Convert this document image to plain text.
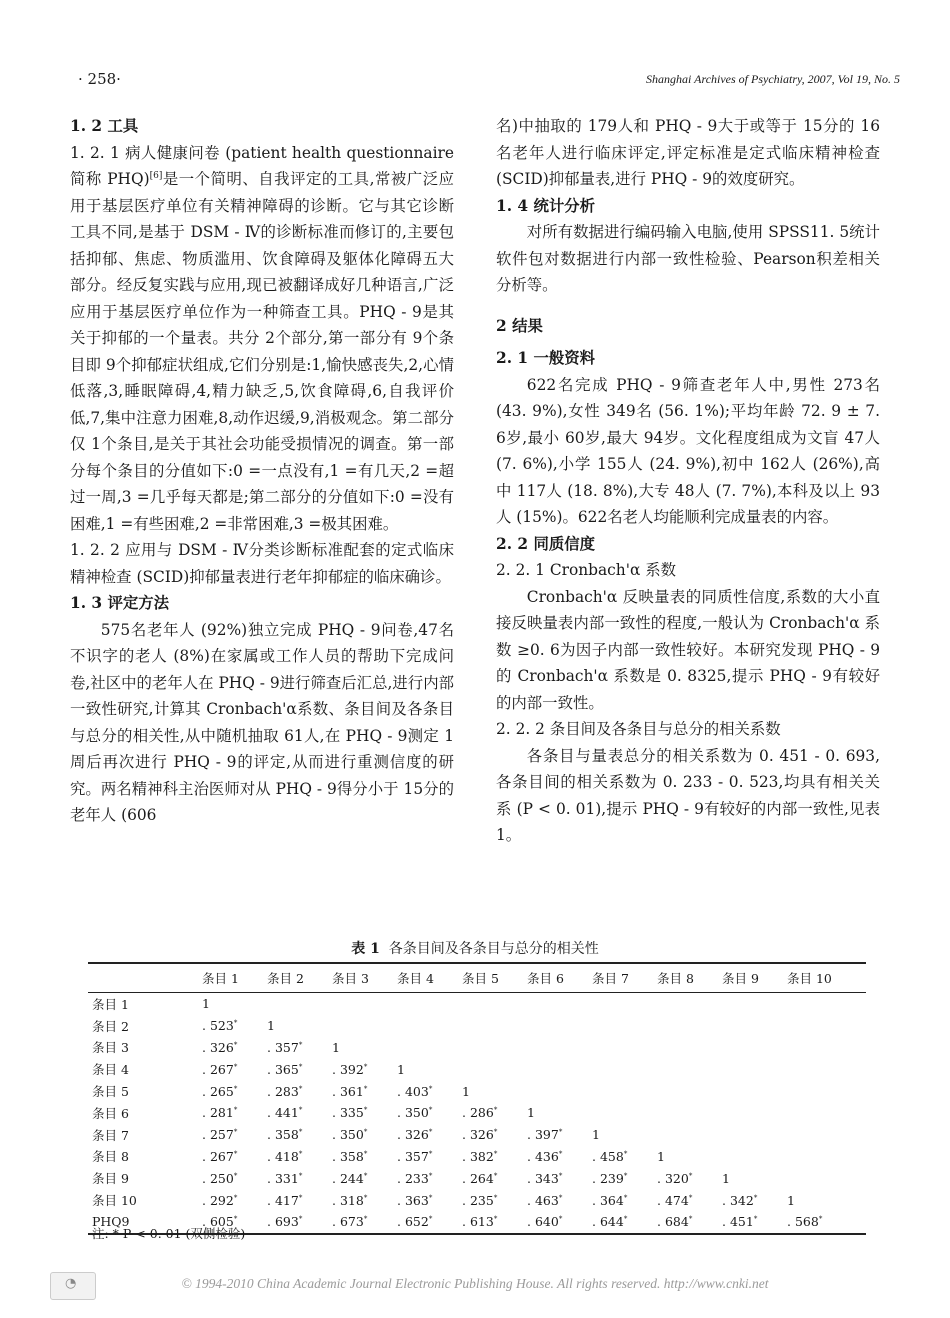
· 258·	Shanghai Archives of Psychiatry, 2007, Vol 19, No. 5

1. 2 工具

1. 2. 1 病人健康问卷 (patient health questionnaire 简称 PHQ)[6]是一个简明、自我评定的工具,常被广泛应用于基层医疗单位有关精神障碍的诊断。它与其它诊断工具不同,是基于 DSM - Ⅳ的诊断标准而修订的,主要包括抑郁、焦虑、物质滥用、饮食障碍及躯体化障碍五大部分。经反复实践与应用,现已被翻译成好几种语言,广泛应用于基层医疗单位作为一种筛查工具。PHQ - 9是其关于抑郁的一个量表。共分 2个部分,第一部分有 9个条目即 9个抑郁症状组成,它们分别是:1,愉快感丧失,2,心情低落,3,睡眠障碍,4,精力缺乏,5,饮食障碍,6,自我评价低,7,集中注意力困难,8,动作迟缓,9,消极观念。第二部分仅 1个条目,是关于其社会功能受损情况的调查。第一部分每个条目的分值如下:0 =一点没有,1 =有几天,2 =超过一周,3 =几乎每天都是;第二部分的分值如下:0 =没有困难,1 =有些困难,2 =非常困难,3 =极其困难。

1. 2. 2 应用与 DSM - Ⅳ分类诊断标准配套的定式临床精神检查 (SCID)抑郁量表进行老年抑郁症的临床确诊。

1. 3 评定方法

575名老年人 (92%)独立完成 PHQ - 9问卷,47名不识字的老人 (8%)在家属或工作人员的帮助下完成问卷,社区中的老年人在 PHQ - 9进行筛查后汇总,进行内部一致性研究,计算其 Cronbach'α系数、条目间及各条目与总分的相关性,从中随机抽取 61人,在 PHQ - 9测定 1周后再次进行 PHQ - 9的评定,从而进行重测信度的研究。两名精神科主治医师对从 PHQ - 9得分小于 15分的老年人 (606

名)中抽取的 179人和 PHQ - 9大于或等于 15分的 16名老年人进行临床评定,评定标准是定式临床精神检查 (SCID)抑郁量表,进行 PHQ - 9的效度研究。

1. 4 统计分析

对所有数据进行编码输入电脑,使用 SPSS11. 5统计软件包对数据进行内部一致性检验、Pearson积差相关分析等。

2 结果

2. 1 一般资料

622名完成 PHQ - 9筛查老年人中,男性 273名 (43. 9%),女性 349名 (56. 1%);平均年龄 72. 9 ± 7. 6岁,最小 60岁,最大 94岁。文化程度组成为文盲 47人 (7. 6%),小学 155人 (24. 9%),初中 162人 (26%),高中 117人 (18. 8%),大专 48人 (7. 7%),本科及以上 93人 (15%)。622名老人均能顺利完成量表的内容。

2. 2 同质信度

2. 2. 1 Cronbach'α 系数

Cronbach'α 反映量表的同质性信度,系数的大小直接反映量表内部一致性的程度,一般认为 Cronbach'α 系数 ≥0. 6为因子内部一致性较好。本研究发现 PHQ - 9的 Cronbach'α 系数是 0. 8325,提示 PHQ - 9有较好的内部一致性。

2. 2. 2 条目间及各条目与总分的相关系数

各条目与量表总分的相关系数为 0. 451 - 0. 693,各条目间的相关系数为 0. 233 - 0. 523,均具有相关关系 (P < 0. 01),提示 PHQ - 9有较好的内部一致性,见表 1。

表 1 各条目间及各条目与总分的相关性
	条目 1	条目 2	条目 3	条目 4	条目 5	条目 6	条目 7	条目 8	条目 9	条目 10
条目 1	1									
条目 2	. 523*	1								
条目 3	. 326*	. 357*	1							
条目 4	. 267*	. 365*	. 392*	1						
条目 5	. 265*	. 283*	. 361*	. 403*	1					
条目 6	. 281*	. 441*	. 335*	. 350*	. 286*	1				
条目 7	. 257*	. 358*	. 350*	. 326*	. 326*	. 397*	1			
条目 8	. 267*	. 418*	. 358*	. 357*	. 382*	. 436*	. 458*	1		
条目 9	. 250*	. 331*	. 244*	. 233*	. 264*	. 343*	. 239*	. 320*	1	
条目 10	. 292*	. 417*	. 318*	. 363*	. 235*	. 463*	. 364*	. 474*	. 342*	1
PHQ9	. 605*	. 693*	. 673*	. 652*	. 613*	. 640*	. 644*	. 684*	. 451*	. 568*
注: * P < 0. 01 (双侧检验)
◔	© 1994-2010 China Academic Journal Electronic Publishing House. All rights reserved. http://www.cnki.net
